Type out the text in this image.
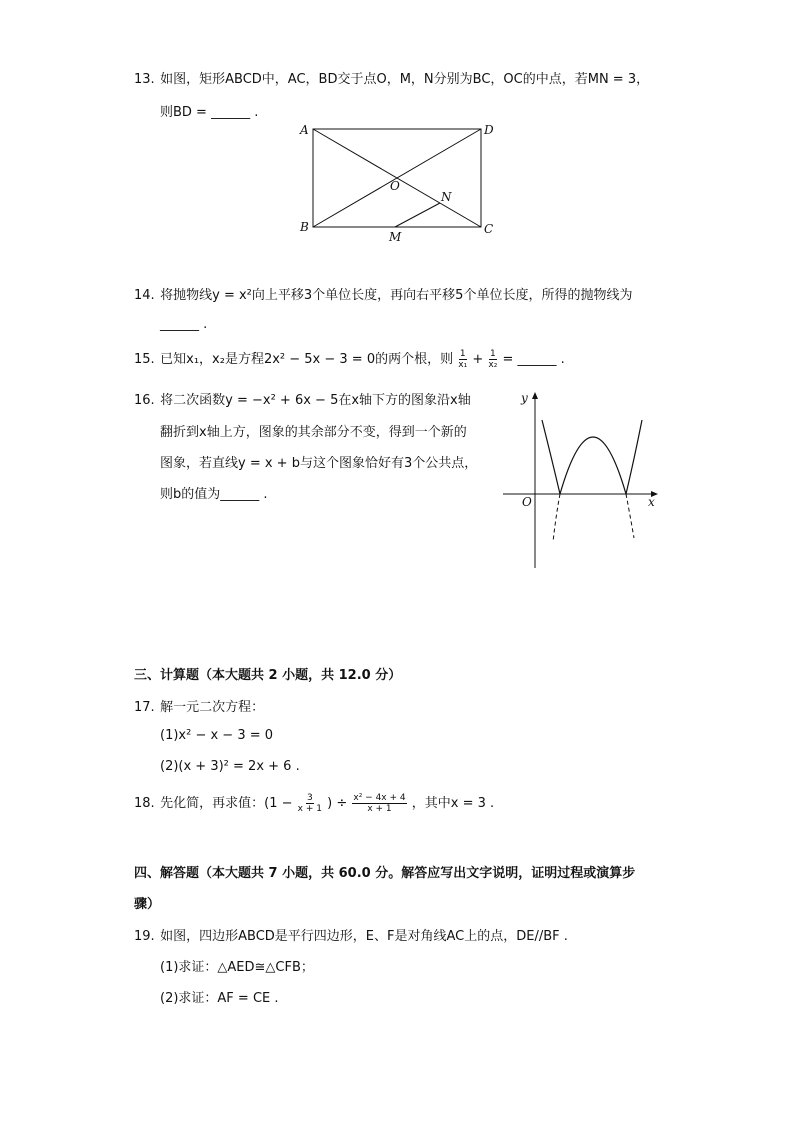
13. 如图，矩形ABCD中，AC，BD交于点O，M，N分别为BC，OC的中点，若MN = 3，
则BD = ______ .
A	D
B	C
O
N
M
14. 将抛物线y = x²向上平移3个单位长度，再向右平移5个单位长度，所得的抛物线为
______ .
15. 已知x₁，x₂是方程2x² − 5x − 3 = 0的两个根，则 $\frac{1}{\text{x₁}} + \frac{1}{\text{x₂}}$ = ______ .
16. 将二次函数y = −x² + 6x − 5在x轴下方的图象沿x轴
翻折到x轴上方，图象的其余部分不变，得到一个新的
图象，若直线y = x + b与这个图象恰好有3个公共点，
则b的值为______ .
y
x
O
三、计算题（本大题共 2 小题，共 12.0 分）
17. 解一元二次方程：
(1)x² − x − 3 = 0
(2)(x + 3)² = 2x + 6 .
18. 先化简，再求值：($1 - \frac{3}{x + 1}$ ) ÷ $\frac{\text{x² − 4x + 4}}{x + 1}$ ，其中x = 3 .
四、解答题（本大题共 7 小题，共 60.0 分。解答应写出文字说明，证明过程或演算步
骤）
19. 如图，四边形ABCD是平行四边形，E、F是对角线AC上的点，DE//BF .
(1)求证：△AED≅△CFB；
(2)求证：AF = CE .
